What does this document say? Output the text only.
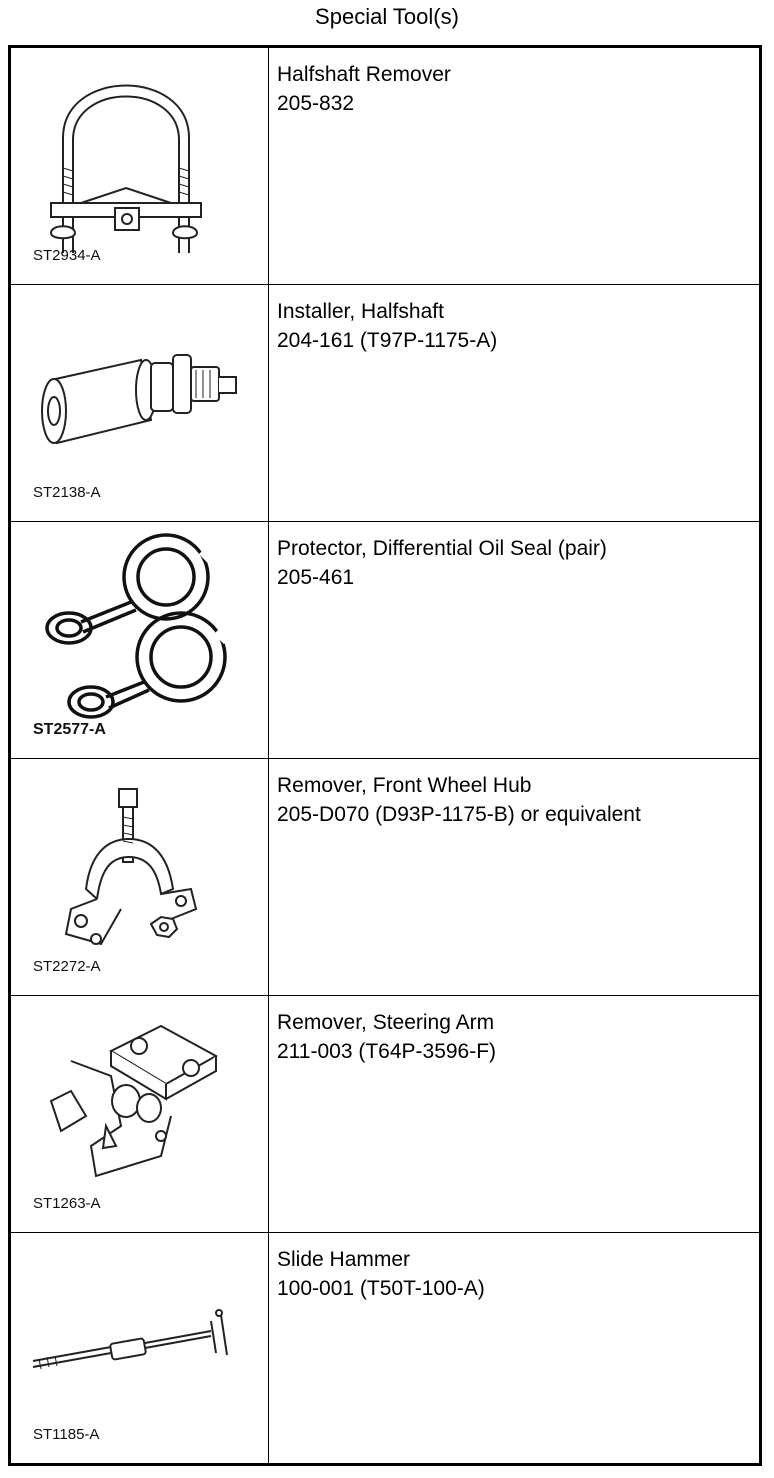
Special Tool(s)
ST2934-A
Halfshaft Remover
205-832
ST2138-A
Installer, Halfshaft
204-161 (T97P-1175-A)
ST2577-A
Protector, Differential Oil Seal (pair)
205-461
ST2272-A
Remover, Front Wheel Hub
205-D070 (D93P-1175-B) or equivalent
ST1263-A
Remover, Steering Arm
211-003 (T64P-3596-F)
ST1185-A
Slide Hammer
100-001 (T50T-100-A)
